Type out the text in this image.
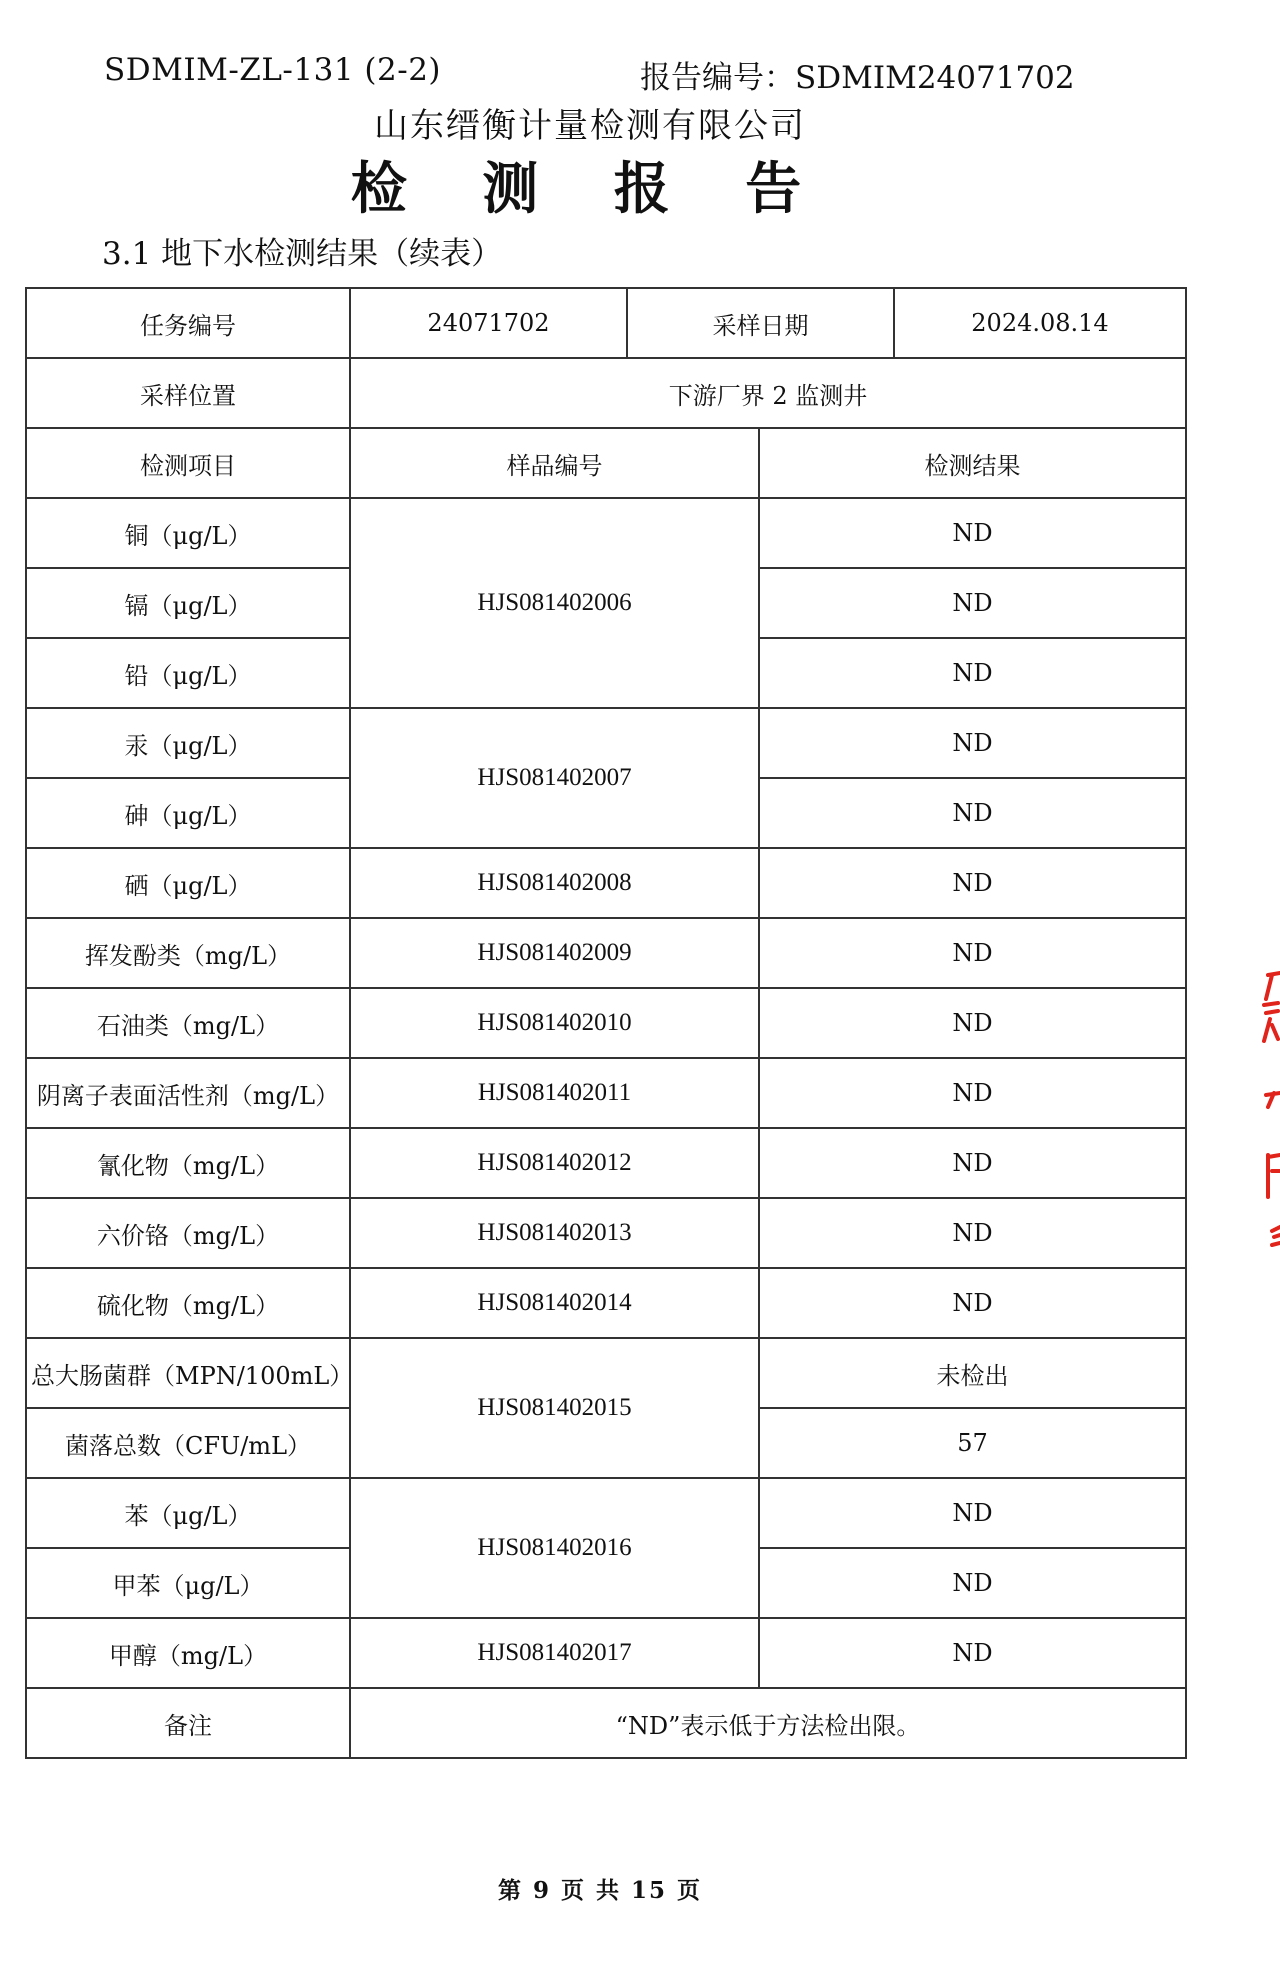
SDMIM-ZL-131 (2-2)	报告编号：SDMIM24071702
山东缙衡计量检测有限公司
检 测 报 告
3.1 地下水检测结果（续表）
任务编号	24071702	采样日期		2024.08.14
采样位置	下游厂界 2 监测井			
检测项目	样品编号		检测结果	
铜（μg/L）	HJS081402006		ND	
镉（μg/L）			ND	
铅（μg/L）			ND	
汞（μg/L）	HJS081402007		ND	
砷（μg/L）			ND	
硒（μg/L）	HJS081402008		ND	
挥发酚类（mg/L）	HJS081402009		ND	
石油类（mg/L）	HJS081402010		ND	
阴离子表面活性剂（mg/L）	HJS081402011		ND	
氰化物（mg/L）	HJS081402012		ND	
六价铬（mg/L）	HJS081402013		ND	
硫化物（mg/L）	HJS081402014		ND	
总大肠菌群（MPN/100mL）	HJS081402015		未检出	
菌落总数（CFU/mL）			57	
苯（μg/L）	HJS081402016		ND	
甲苯（μg/L）			ND	
甲醇（mg/L）	HJS081402017		ND	
备注	“ND”表示低于方法检出限。			
第 9 页 共 15 页
